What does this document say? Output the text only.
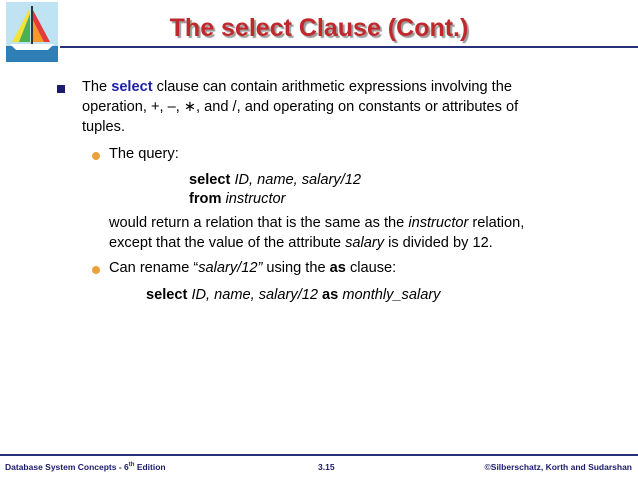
The select Clause (Cont.)
The select clause can contain arithmetic expressions involving the
operation, +, –, ∗, and /, and operating on constants or attributes of
tuples.
The query:
select ID, name, salary/12
from instructor
would return a relation that is the same as the instructor relation,
except that the value of the attribute salary is divided by 12.
Can rename “salary/12” using the as clause:
select ID, name, salary/12 as monthly_salary
Database System Concepts - 6th Edition	3.15	©Silberschatz, Korth and Sudarshan
